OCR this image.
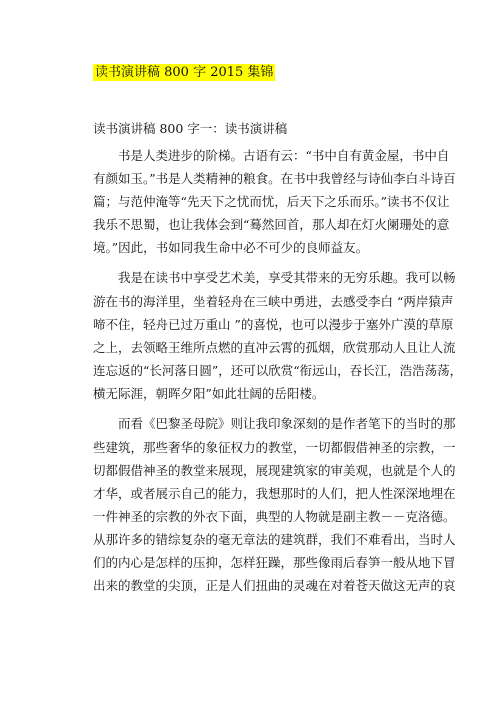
读书演讲稿 800 字 2015 集锦
读书演讲稿 800 字一：读书演讲稿
　　书是人类进步的阶梯。古语有云：“书中自有黄金屋，书中自
有颜如玉。”书是人类精神的粮食。在书中我曾经与诗仙李白斗诗百
篇；与范仲淹等“先天下之忧而忧，后天下之乐而乐。”读书不仅让
我乐不思蜀，也让我体会到“蓦然回首，那人却在灯火阑珊处的意
境。”因此，书如同我生命中必不可少的良师益友。
　　我是在读书中享受艺术美，享受其带来的无穷乐趣。我可以畅
游在书的海洋里，坐着轻舟在三峡中勇进，去感受李白 “两岸猿声
啼不住，轻舟已过万重山 ”的喜悦，也可以漫步于塞外广漠的草原
之上，去领略王维所点燃的直冲云霄的孤烟，欣赏那动人且让人流
连忘返的“长河落日圆”，还可以欣赏“衔远山，吞长江，浩浩荡荡，
横无际涯，朝晖夕阳”如此壮阔的岳阳楼。
　　而看《巴黎圣母院》则让我印象深刻的是作者笔下的当时的那
些建筑，那些奢华的象征权力的教堂，一切都假借神圣的宗教，一
切都假借神圣的教堂来展现，展现建筑家的审美观，也就是个人的
才华，或者展示自己的能力，我想那时的人们，把人性深深地埋在
一件神圣的宗教的外衣下面，典型的人物就是副主教－－克洛德。
从那许多的错综复杂的毫无章法的建筑群，我们不难看出，当时人
们的内心是怎样的压抑，怎样狂躁，那些像雨后春笋一般从地下冒
出来的教堂的尖顶，正是人们扭曲的灵魂在对着苍天做这无声的哀
